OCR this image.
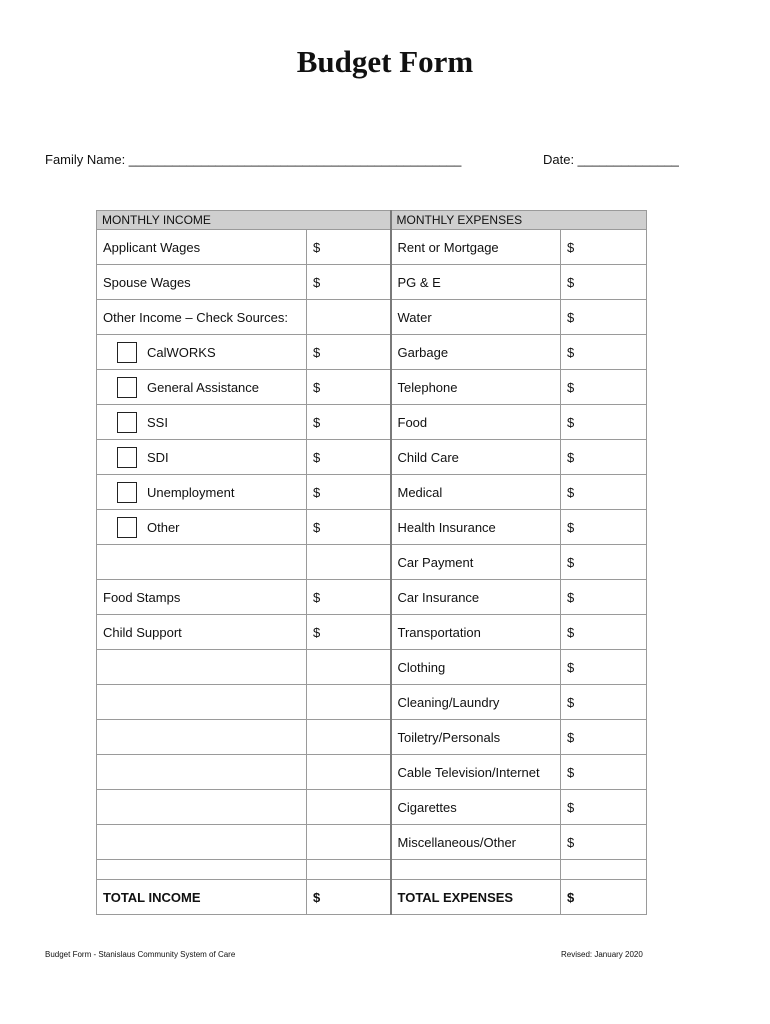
Budget Form
Family Name: ______________________________________________	Date: ______________
MONTHLY INCOME		MONTHLY EXPENSES	
Applicant Wages	$	Rent or Mortgage	$
Spouse Wages	$	PG & E	$
Other Income – Check Sources:		Water	$

CalWORKS	$	Garbage	$

General Assistance	$	Telephone	$

SSI	$	Food	$

SDI	$	Child Care	$

Unemployment	$	Medical	$

Other	$	Health Insurance	$
		Car Payment	$
Food Stamps	$	Car Insurance	$
Child Support	$	Transportation	$
		Clothing	$
		Cleaning/Laundry	$
		Toiletry/Personals	$
		Cable Television/Internet	$
		Cigarettes	$
		Miscellaneous/Other	$

TOTAL INCOME	$	TOTAL EXPENSES	$
Budget Form - Stanislaus Community System of Care	Revised: January 2020
